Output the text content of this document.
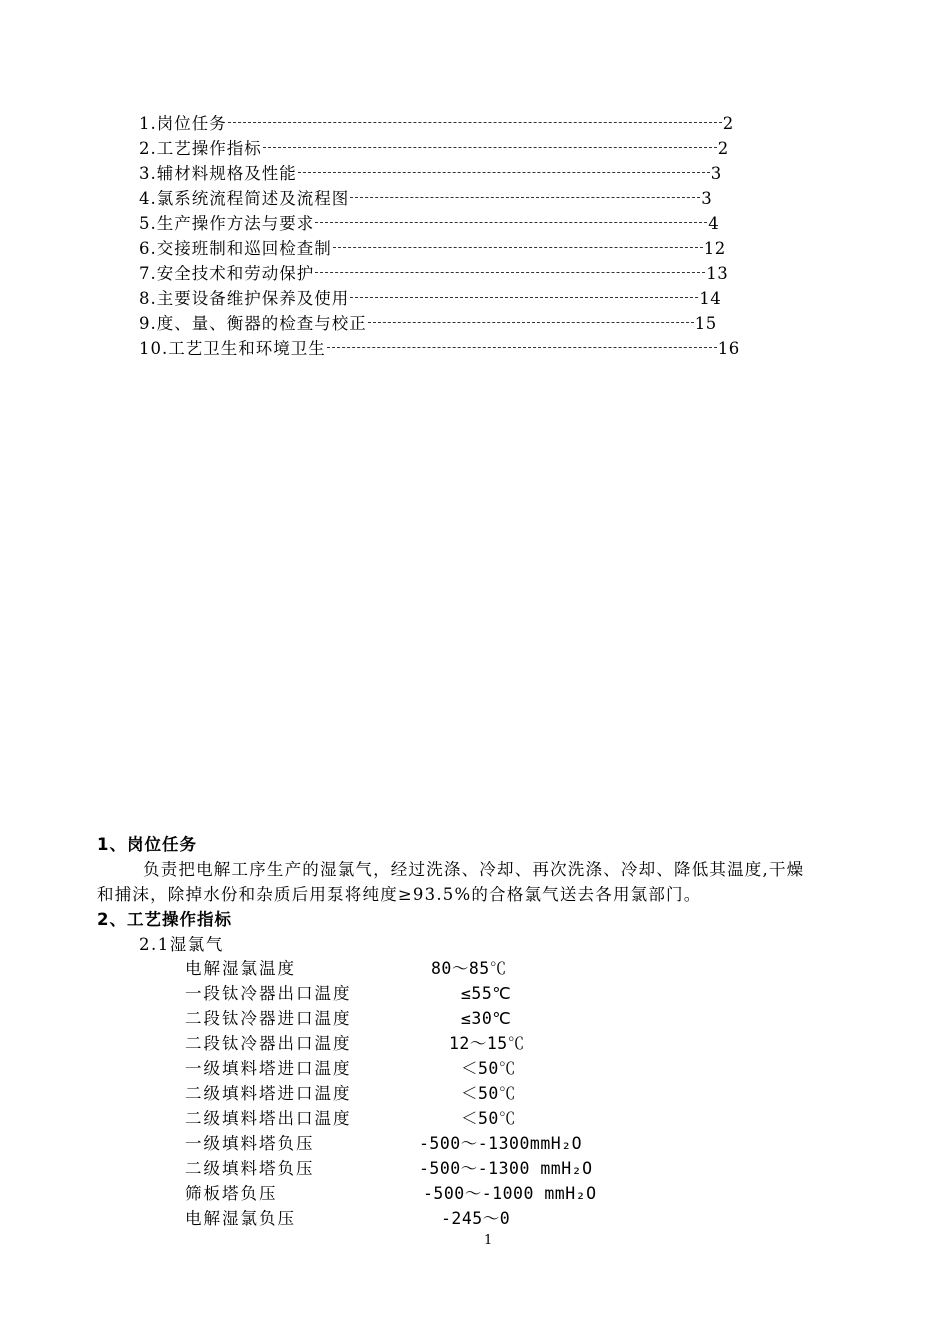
1.岗位任务	2
2.工艺操作指标	2
3.辅材料规格及性能	3
4.氯系统流程简述及流程图	3
5.生产操作方法与要求	4
6.交接班制和巡回检查制	12
7.安全技术和劳动保护	13
8.主要设备维护保养及使用	14
9.度、量、衡器的检查与校正	15
10.工艺卫生和环境卫生	16
1、岗位任务
负责把电解工序生产的湿氯气，经过洗涤、冷却、再次洗涤、冷却、降低其温度,干燥
和捕沫，除掉水份和杂质后用泵将纯度≥93.5%的合格氯气送去各用氯部门。
2、工艺操作指标
2.1湿氯气
电解湿氯温度	80～85℃
一段钛冷器出口温度	≤55℃
二段钛冷器进口温度	≤30℃
二段钛冷器出口温度	12～15℃
一级填料塔进口温度	＜50℃
二级填料塔进口温度	＜50℃
二级填料塔出口温度	＜50℃
一级填料塔负压	-500～-1300mmH₂O
二级填料塔负压	-500～-1300 mmH₂O
筛板塔负压	-500～-1000 mmH₂O
电解湿氯负压	-245～0
1
